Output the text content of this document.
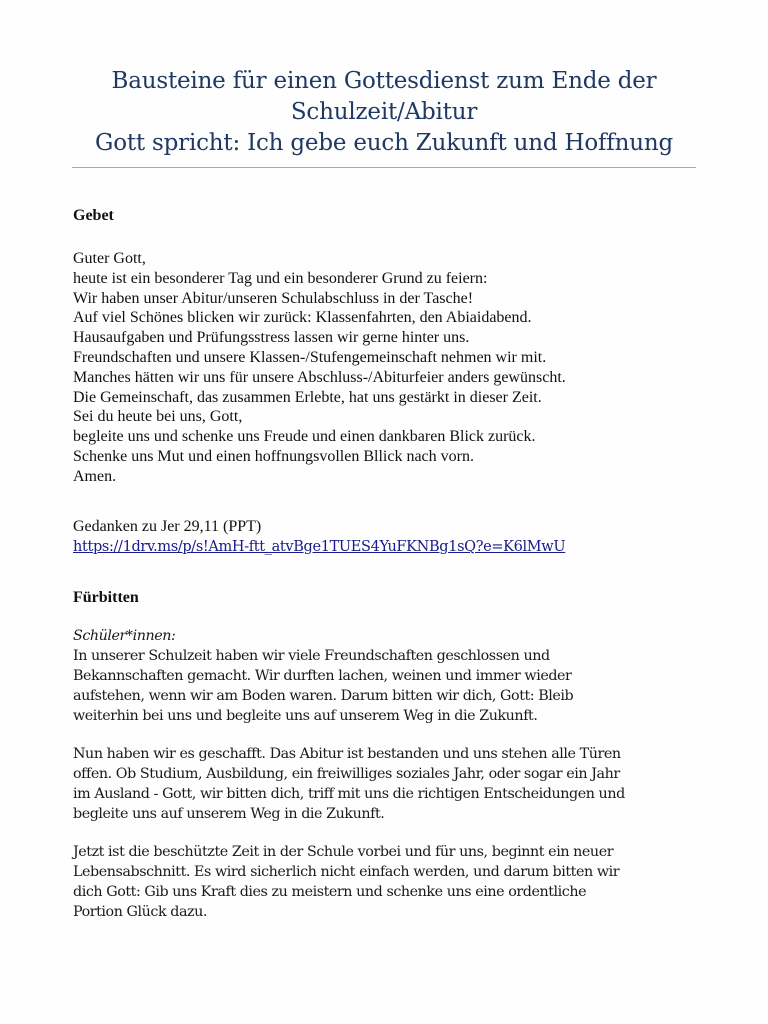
Bausteine für einen Gottesdienst zum Ende der
Schulzeit/Abitur
Gott spricht: Ich gebe euch Zukunft und Hoffnung
Gebet
Guter Gott,
heute ist ein besonderer Tag und ein besonderer Grund zu feiern:
Wir haben unser Abitur/unseren Schulabschluss in der Tasche!
Auf viel Schönes blicken wir zurück: Klassenfahrten, den Abiaidabend.
Hausaufgaben und Prüfungsstress lassen wir gerne hinter uns.
Freundschaften und unsere Klassen-/Stufengemeinschaft nehmen wir mit.
Manches hätten wir uns für unsere Abschluss-/Abiturfeier anders gewünscht.
Die Gemeinschaft, das zusammen Erlebte, hat uns gestärkt in dieser Zeit.
Sei du heute bei uns, Gott,
begleite uns und schenke uns Freude und einen dankbaren Blick zurück.
Schenke uns Mut und einen hoffnungsvollen Bllick nach vorn.
Amen.
Gedanken zu Jer 29,11 (PPT)
https://1drv.ms/p/s!AmH-ftt_atvBge1TUES4YuFKNBg1sQ?e=K6lMwU
Fürbitten
Schüler*innen:
In unserer Schulzeit haben wir viele Freundschaften geschlossen und
Bekannschaften gemacht. Wir durften lachen, weinen und immer wieder
aufstehen, wenn wir am Boden waren. Darum bitten wir dich, Gott: Bleib
weiterhin bei uns und begleite uns auf unserem Weg in die Zukunft.
Nun haben wir es geschafft. Das Abitur ist bestanden und uns stehen alle Türen
offen. Ob Studium, Ausbildung, ein freiwilliges soziales Jahr, oder sogar ein Jahr
im Ausland - Gott, wir bitten dich, triff mit uns die richtigen Entscheidungen und
begleite uns auf unserem Weg in die Zukunft.
Jetzt ist die beschützte Zeit in der Schule vorbei und für uns, beginnt ein neuer
Lebensabschnitt. Es wird sicherlich nicht einfach werden, und darum bitten wir
dich Gott: Gib uns Kraft dies zu meistern und schenke uns eine ordentliche
Portion Glück dazu.
